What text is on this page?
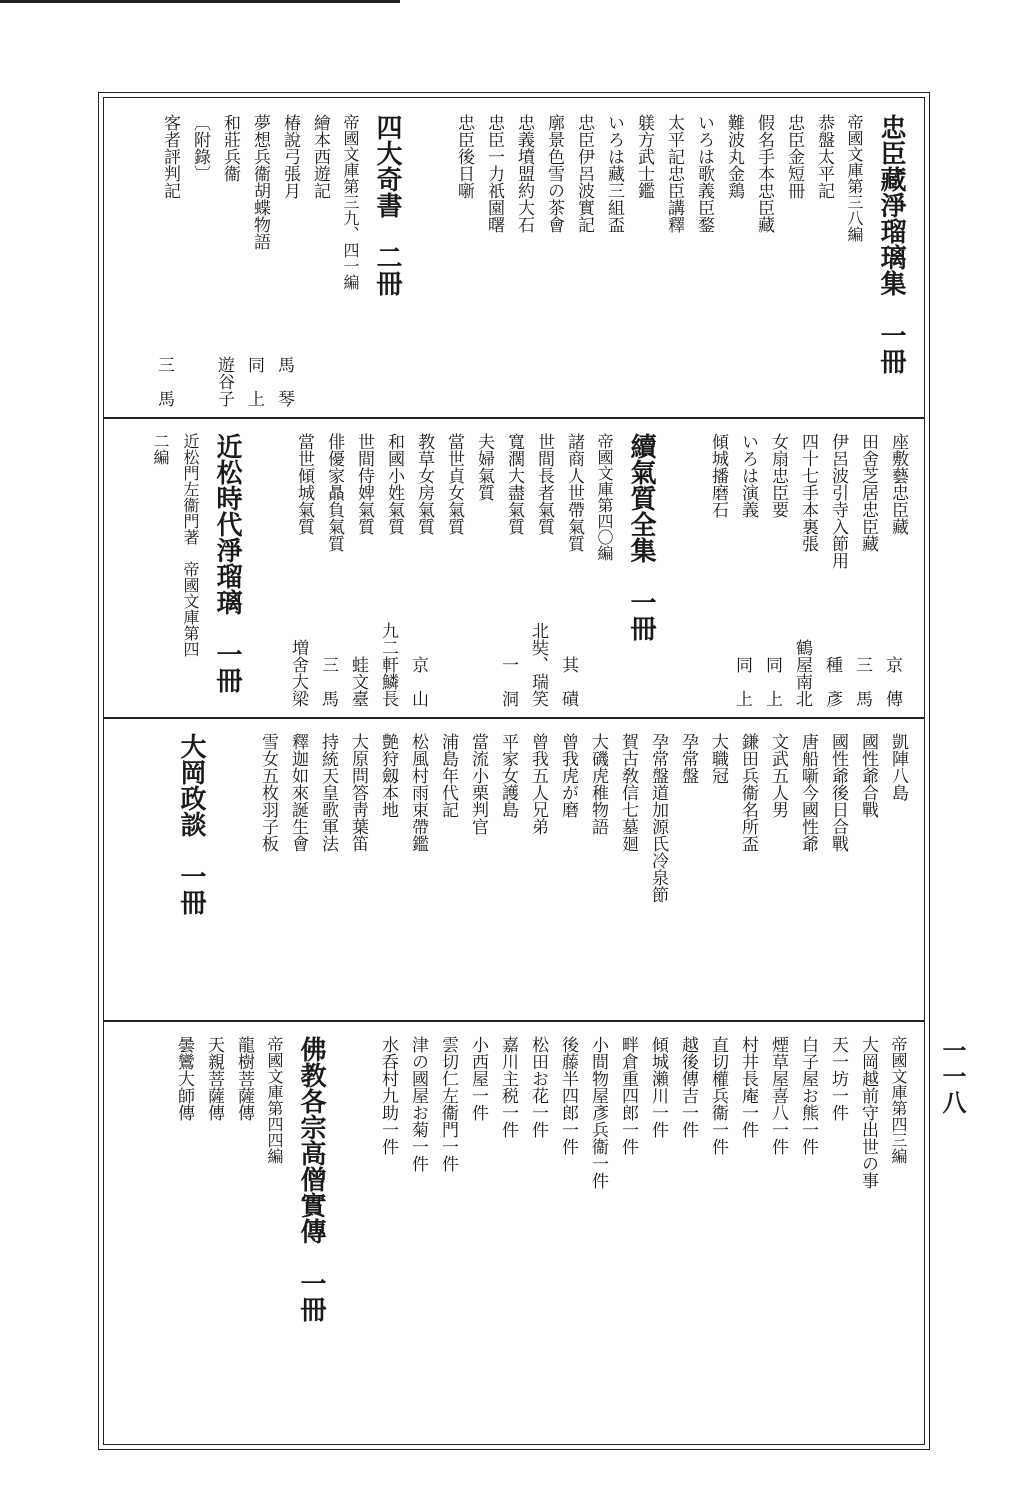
一一八
忠臣藏淨瑠璃集　一冊
帝國文庫第三八編
恭盤太平記
忠臣金短冊
假名手本忠臣藏
難波丸金鶏
いろは歌義臣鍪
太平記忠臣講釋
躾方武士鑑
いろは藏三組盃
忠臣伊呂波實記
廓景色雪の茶會
忠義墳盟約大石
忠臣一力祇園曙
忠臣後日噺
四大奇書　二冊
帝國文庫第三九、四一編
繪本西遊記
椿說弓張月
夢想兵衞胡蝶物語
和莊兵衞
〔附錄〕
客者評判記
馬　琴
同　上
遊谷子
三　馬
座敷藝忠臣藏
田舍芝居忠臣藏
伊呂波引寺入節用
四十七手本裏張
女扇忠臣要
いろは演義
傾城播磨石
續氣質全集　一冊
帝國文庫第四〇編
諸商人世帶氣質
世間長者氣質
寬濶大盡氣質
夫婦氣質
當世貞女氣質
教草女房氣質
和國小姓氣質
世間侍婢氣質
俳優家贔負氣質
當世傾城氣質
近松時代淨瑠璃　一冊
近松門左衞門著　帝國文庫第四
二編
京　傳
三　馬
種　彥
鶴屋南北
同　上
同　上
其　磧
北奘、瑞笑
一　洞
京　山
九二軒鱗長
蛙文臺
三　馬
増舍大梁
凱陣八島
國性爺合戰
國性爺後日合戰
唐船噺今國性爺
文武五人男
鎌田兵衞名所盃
大職冠
孕常盤
孕常盤道加源氏冷泉節
賀古敎信七墓廻
大磯虎稚物語
曾我虎が磨
曾我五人兄弟
平家女護島
當流小栗判官
浦島年代記
松風村雨束帶鑑
艶狩劔本地
大原問答靑葉笛
持統天皇歌軍法
釋迦如來誕生會
雪女五枚羽子板
大岡政談　一冊
帝國文庫第四三編
大岡越前守出世の事
天一坊一件
白子屋お熊一件
煙草屋喜八一件
村井長庵一件
直切權兵衞一件
越後傳吉一件
傾城瀨川一件
畔倉重四郎一件
小間物屋彥兵衞一件
後藤半四郎一件
松田お花一件
嘉川主税一件
小西屋一件
雲切仁左衞門一件
津の國屋お菊一件
水呑村九助一件
佛教各宗高僧實傳　一冊
帝國文庫第四四編
龍樹菩薩傳
天親菩薩傳
曇鸞大師傳
